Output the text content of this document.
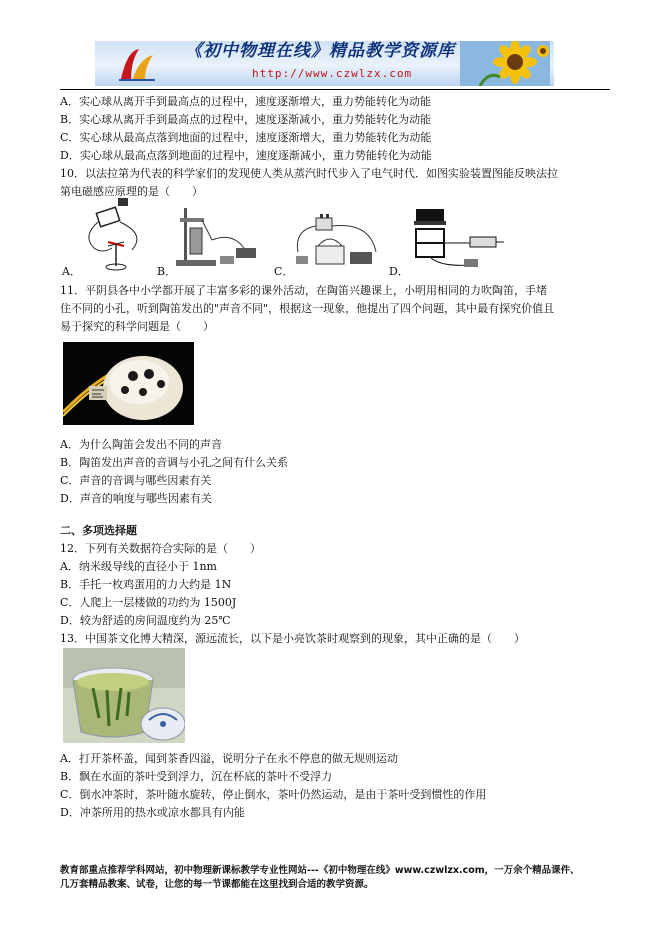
《初中物理在线》精品教学资源库
http://www.czwlzx.com
A．实心球从离开手到最高点的过程中，速度逐渐增大，重力势能转化为动能
B．实心球从离开手到最高点的过程中，速度逐渐减小，重力势能转化为动能
C．实心球从最高点落到地面的过程中，速度逐渐增大，重力势能转化为动能
D．实心球从最高点落到地面的过程中，速度逐渐减小，重力势能转化为动能
10．以法拉第为代表的科学家们的发现使人类从蒸汽时代步入了电气时代．如图实验装置图能反映法拉
第电磁感应原理的是（　　）
A．	B．	C．	D．
11．平阴县各中小学都开展了丰富多彩的课外活动，在陶笛兴趣课上，小明用相同的力吹陶笛，手堵
住不同的小孔，听到陶笛发出的"声音不同"，根据这一现象，他提出了四个问题，其中最有探究价值且
易于探究的科学问题是（　　）
A．为什么陶笛会发出不同的声音
B．陶笛发出声音的音调与小孔之间有什么关系
C．声音的音调与哪些因素有关
D．声音的响度与哪些因素有关
二、多项选择题
12．下列有关数据符合实际的是（　　）
A．纳米级导线的直径小于 1nm
B．手托一枚鸡蛋用的力大约是 1N
C．人爬上一层楼做的功约为 1500J
D．较为舒适的房间温度约为 25℃
13．中国茶文化博大精深，源远流长，以下是小亮饮茶时观察到的现象，其中正确的是（　　）
A．打开茶杯盖，闻到茶香四溢，说明分子在永不停息的做无规则运动
B．飘在水面的茶叶受到浮力，沉在杯底的茶叶不受浮力
C．倒水冲茶时，茶叶随水旋转，停止倒水，茶叶仍然运动，是由于茶叶受到惯性的作用
D．冲茶所用的热水或凉水都具有内能
教育部重点推荐学科网站，初中物理新课标教学专业性网站---《初中物理在线》www.czwlzx.com，一万余个精品课件、
几万套精品教案、试卷，让您的每一节课都能在这里找到合适的教学资源。
